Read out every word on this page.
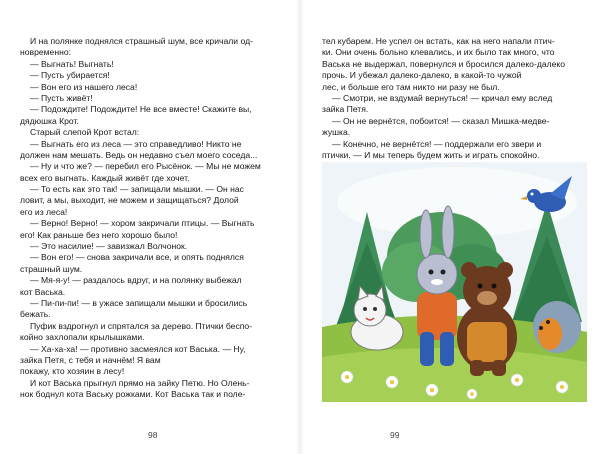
И на полянке поднялся страшный шум, все кричали од-
новременно:
— Выгнать! Выгнать!
— Пусть убирается!
— Вон его из нашего леса!
— Пусть живёт!
— Подождите! Подождите! Не все вместе! Скажите вы,
дядюшка Крот.
Старый слепой Крот встал:
— Выгнать его из леса — это справедливо! Никто не
должен нам мешать. Ведь он недавно съел моего соседа...
— Ну и что же? — перебил его Рысёнок. — Мы не можем
всех его выгнать. Каждый живёт где хочет.
— То есть как это так! — запищали мышки. — Он нас
ловит, а мы, выходит, не можем и защищаться? Долой
его из леса!
— Верно! Верно! — хором закричали птицы. — Выгнать
его! Как раньше без него хорошо было!
— Это насилие! — завизжал Волчонок.
— Вон его! — снова закричали все, и опять поднялся
страшный шум.
— Мя-я-у! — раздалось вдруг, и на полянку выбежал
кот Васька.
— Пи-пи-пи! — в ужасе запищали мышки и бросились
бежать.
Пуфик вздрогнул и спрятался за дерево. Птички беспо-
койно захлопали крылышками.
— Ха-ха-ха! — противно засмеялся кот Васька. — Ну,
зайка Петя, с тебя и начнём! Я вам
покажу, кто хозяин в лесу!
И кот Васька прыгнул прямо на зайку Петю. Но Олень-
нок боднул кота Ваську рожками. Кот Васька так и поле-
98
тел кубарем. Не успел он встать, как на него напали птич-
ки. Они очень больно клевались, и их было так много, что
Васька не выдержал, повернулся и бросился далеко-далеко
прочь. И убежал далеко-далеко, в какой-то чужой
лес, и больше его там никто ни разу не был.
— Смотри, не вздумай вернуться! — кричал ему вслед
зайка Петя.
— Он не вернётся, побоится! — сказал Мишка-медве-
жушка.
— Конечно, не вернётся! — поддержали его звери и
птички. — И мы теперь будем жить и играть спокойно.
99
